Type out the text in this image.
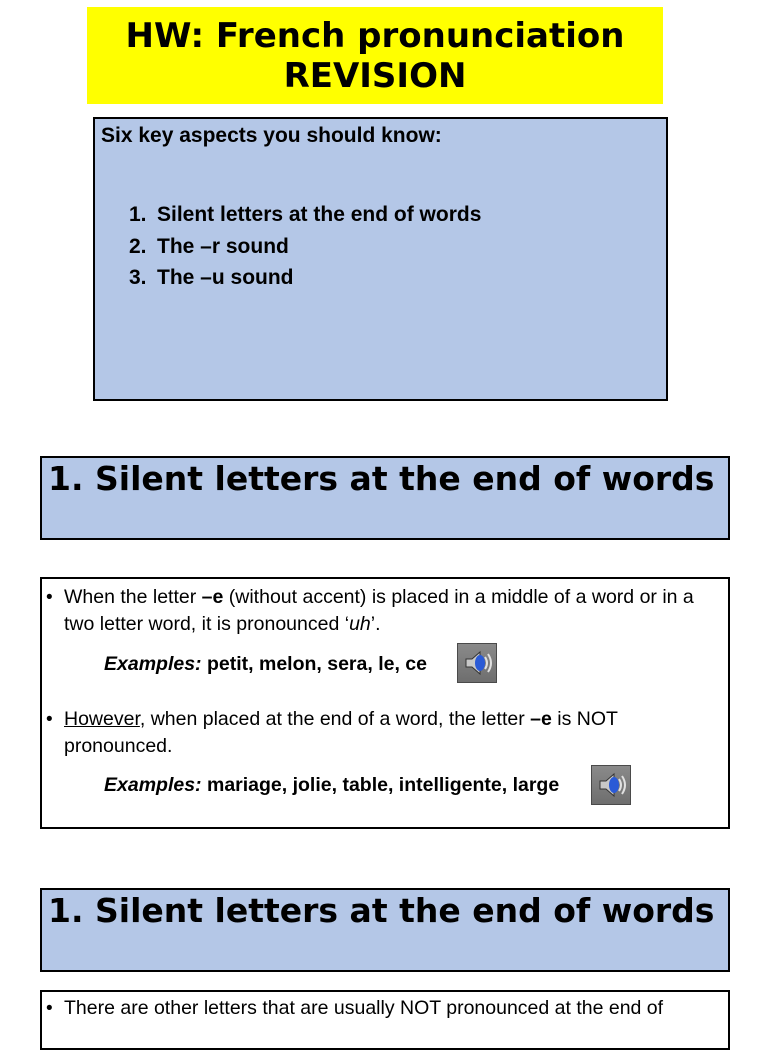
HW: French pronunciation
REVISION
Six key aspects you should know:
1. Silent letters at the end of words
2. The –r sound
3. The –u sound
1. Silent letters at the end of words
• When the letter –e (without accent) is placed in a middle of a word or in a two letter word, it is pronounced ‘uh’.
Examples: petit, melon, sera, le, ce
• However, when placed at the end of a word, the letter –e is NOT pronounced.
Examples: mariage, jolie, table, intelligente, large
1. Silent letters at the end of words
• There are other letters that are usually NOT pronounced at the end of
